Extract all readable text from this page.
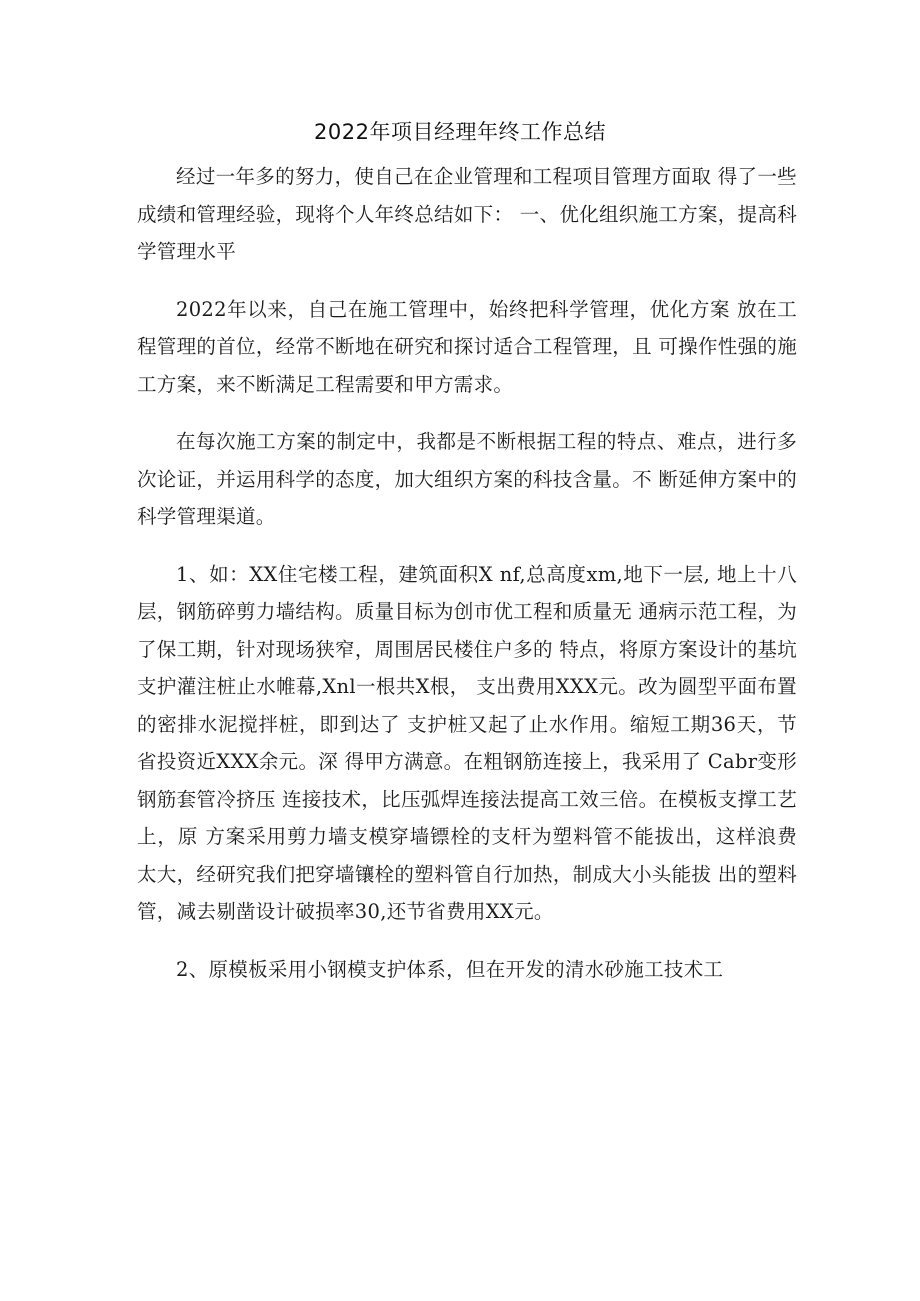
2022年项目经理年终工作总结

经过一年多的努力，使自己在企业管理和工程项目管理方面取 得了一些成绩和管理经验，现将个人年终总结如下： 一、优化组织施工方案，提高科学管理水平

2022年以来，自己在施工管理中，始终把科学管理，优化方案 放在工程管理的首位，经常不断地在研究和探讨适合工程管理，且 可操作性强的施工方案，来不断满足工程需要和甲方需求。

在每次施工方案的制定中，我都是不断根据工程的特点、难点，进行多次论证，并运用科学的态度，加大组织方案的科技含量。不 断延伸方案中的科学管理渠道。

1、如：XX住宅楼工程，建筑面积X nf,总高度xm,地下一层, 地上十八层，钢筋碎剪力墙结构。质量目标为创市优工程和质量无 通病示范工程，为了保工期，针对现场狭窄，周围居民楼住户多的 特点，将原方案设计的基坑支护灌注桩止水帷幕,Xnl一根共X根， 支出费用XXX元。改为圆型平面布置的密排水泥搅拌桩，即到达了 支护桩又起了止水作用。缩短工期36天，节省投资近XXX余元。深 得甲方满意。在粗钢筋连接上，我采用了 Cabr变形钢筋套管冷挤压 连接技术，比压弧焊连接法提高工效三倍。在模板支撑工艺上，原 方案采用剪力墙支模穿墙镖栓的支杆为塑料管不能拔出，这样浪费 太大，经研究我们把穿墙镶栓的塑料管自行加热，制成大小头能拔 出的塑料管，减去剔凿设计破损率30,还节省费用XX元。

2、原模板采用小钢模支护体系，但在开发的清水砂施工技术工
